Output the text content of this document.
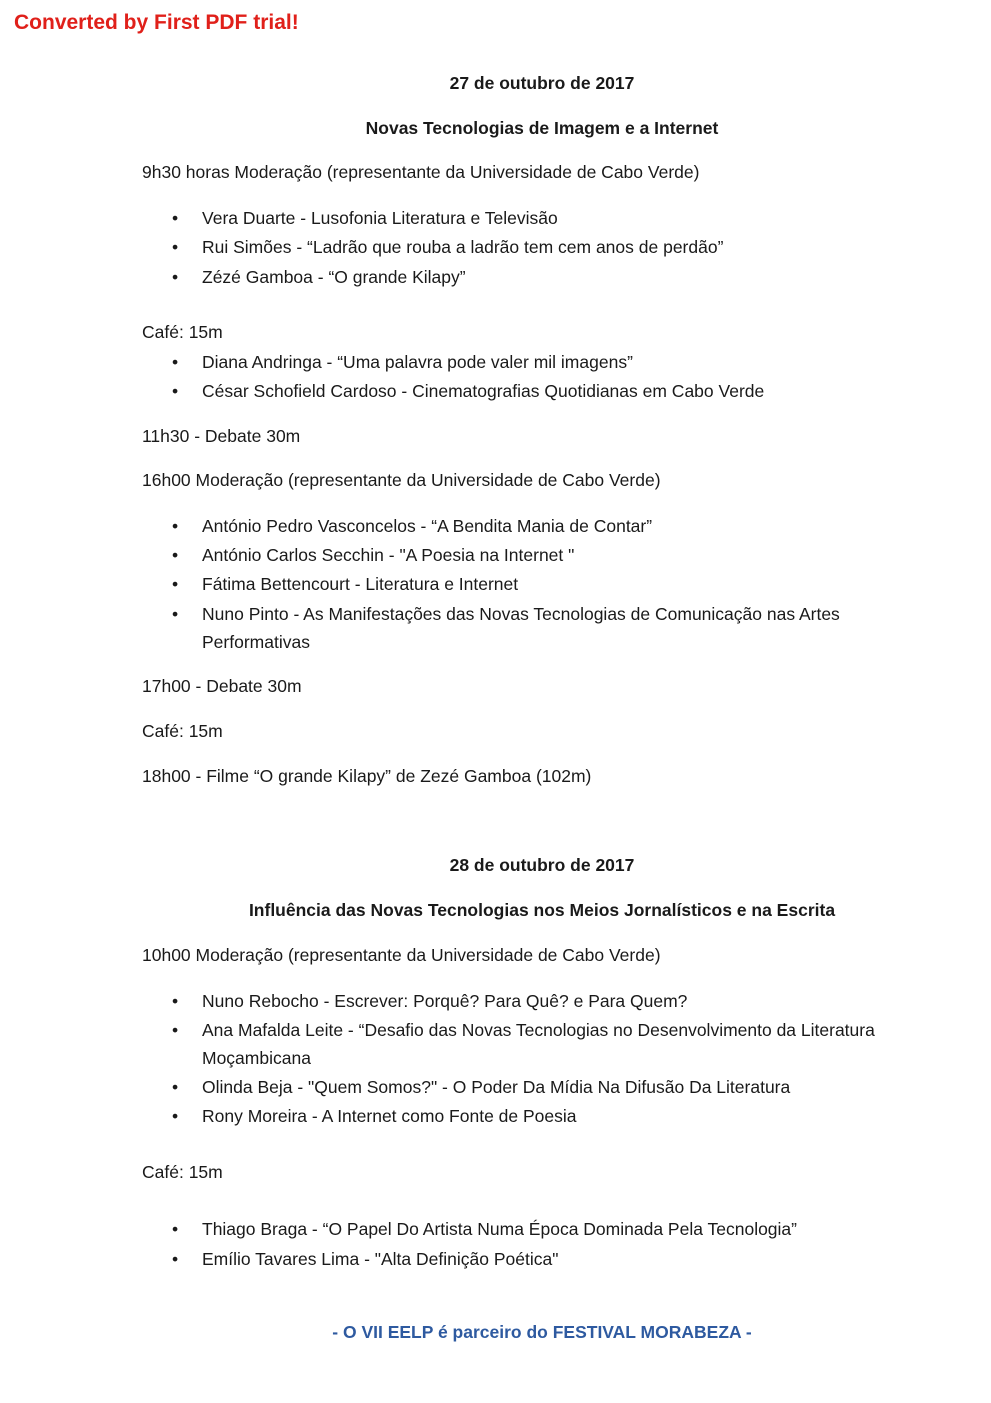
Converted by First PDF trial!
27 de outubro de 2017
Novas Tecnologias de Imagem e a Internet
9h30 horas Moderação (representante da Universidade de Cabo Verde)
• Vera Duarte - Lusofonia Literatura e Televisão
• Rui Simões - “Ladrão que rouba a ladrão tem cem anos de perdão”
• Zézé Gamboa - “O grande Kilapy”
Café: 15m
• Diana Andringa - “Uma palavra pode valer mil imagens”
• César Schofield Cardoso - Cinematografias Quotidianas em Cabo Verde
11h30 - Debate 30m
16h00 Moderação (representante da Universidade de Cabo Verde)
• António Pedro Vasconcelos - “A Bendita Mania de Contar”
• António Carlos Secchin - "A Poesia na Internet "
• Fátima Bettencourt - Literatura e Internet
• Nuno Pinto - As Manifestações das Novas Tecnologias de Comunicação nas Artes Performativas
17h00 - Debate 30m
Café: 15m
18h00 - Filme “O grande Kilapy” de Zezé Gamboa (102m)
28 de outubro de 2017
Influência das Novas Tecnologias nos Meios Jornalísticos e na Escrita
10h00 Moderação (representante da Universidade de Cabo Verde)
• Nuno Rebocho - Escrever: Porquê? Para Quê? e Para Quem?
• Ana Mafalda Leite - “Desafio das Novas Tecnologias no Desenvolvimento da Literatura Moçambicana
• Olinda Beja - "Quem Somos?" - O Poder Da Mídia Na Difusão Da Literatura
• Rony Moreira - A Internet como Fonte de Poesia
Café: 15m
• Thiago Braga - “O Papel Do Artista Numa Época Dominada Pela Tecnologia”
• Emílio Tavares Lima - "Alta Definição Poética"
- O VII EELP é parceiro do FESTIVAL MORABEZA -
